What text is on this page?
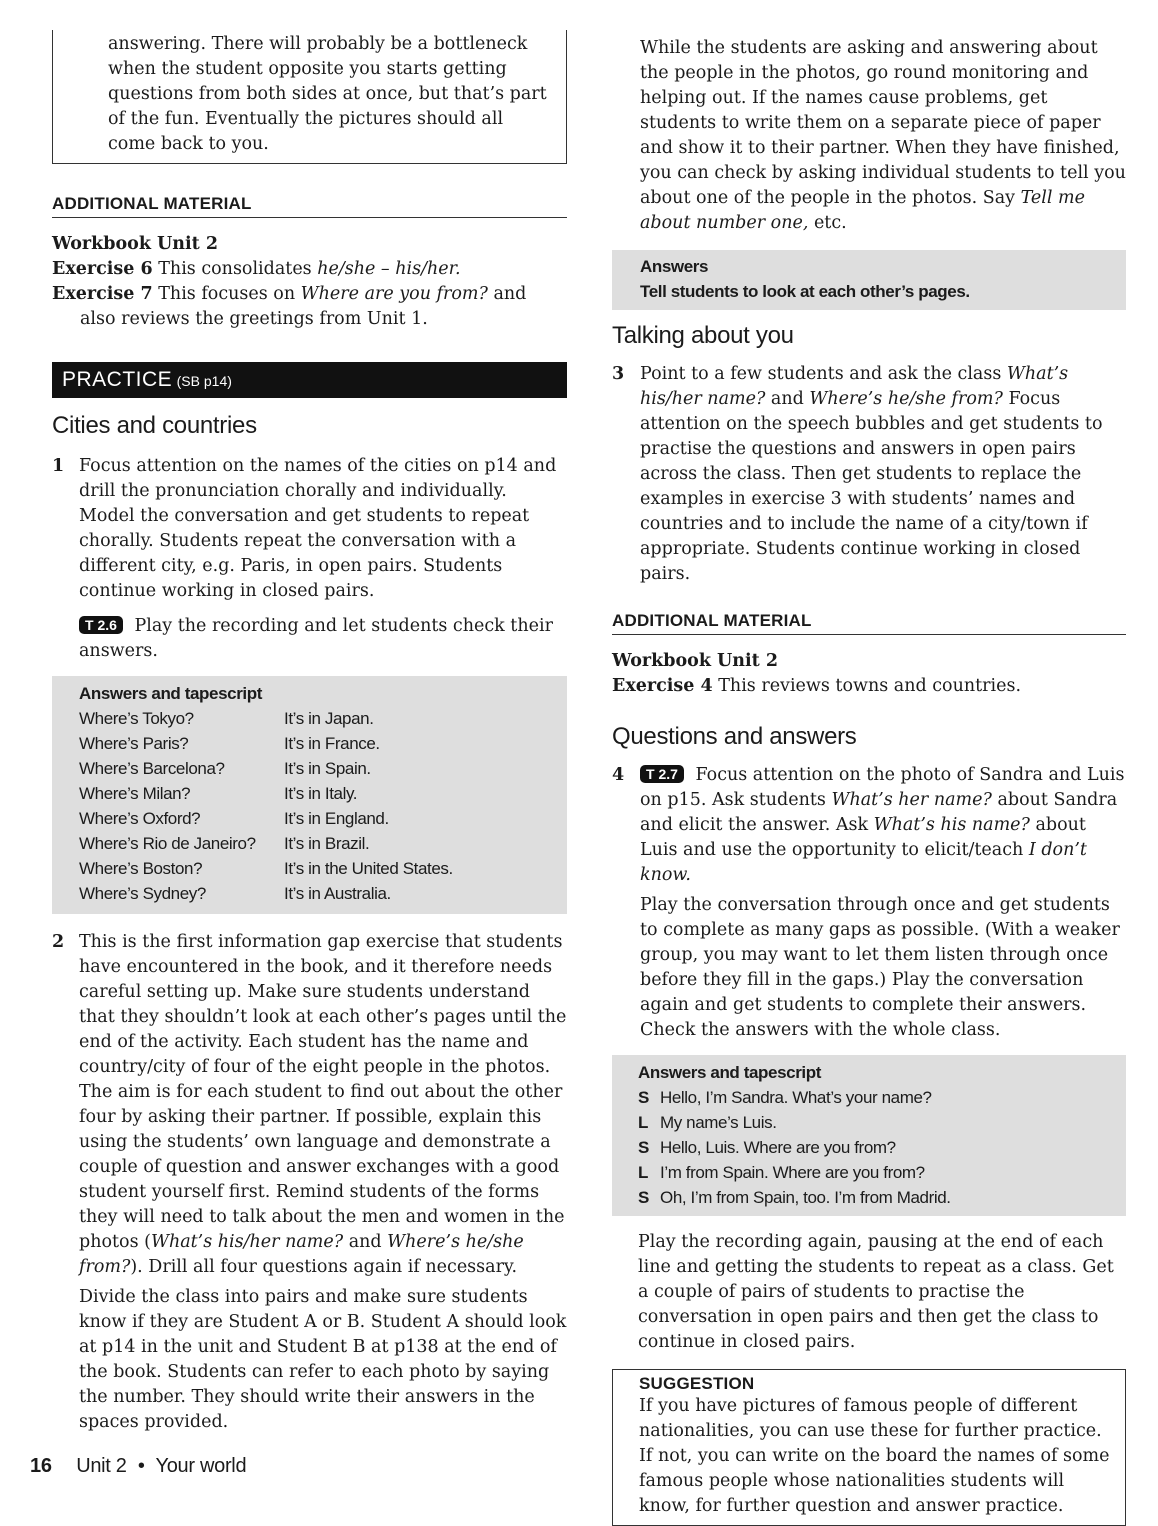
answering. There will probably be a bottleneck when the student opposite you starts getting questions from both sides at once, but that’s part of the fun. Eventually the pictures should all come back to you.

ADDITIONAL MATERIAL

Workbook Unit 2

Exercise 6 This consolidates he/she – his/her.

Exercise 7 This focuses on Where are you from? and also reviews the greetings from Unit 1.

PRACTICE (SB p14)
Cities and countries
1 Focus attention on the names of the cities on p14 and drill the pronunciation chorally and individually. Model the conversation and get students to repeat chorally. Students repeat the conversation with a different city, e.g. Paris, in open pairs. Students continue working in closed pairs.

T 2.6 Play the recording and let students check their answers.

Answers and tapescript
Where’s Tokyo?	It’s in Japan.
Where’s Paris?	It’s in France.
Where’s Barcelona?	It’s in Spain.
Where’s Milan?	It’s in Italy.
Where’s Oxford?	It’s in England.
Where’s Rio de Janeiro?	It’s in Brazil.
Where’s Boston?	It’s in the United States.
Where’s Sydney?	It’s in Australia.
2 This is the first information gap exercise that students have encountered in the book, and it therefore needs careful setting up. Make sure students understand that they shouldn’t look at each other’s pages until the end of the activity. Each student has the name and country/city of four of the eight people in the photos. The aim is for each student to find out about the other four by asking their partner. If possible, explain this using the students’ own language and demonstrate a couple of question and answer exchanges with a good student yourself first. Remind students of the forms they will need to talk about the men and women in the photos (What’s his/her name? and Where’s he/she from?). Drill all four questions again if necessary.

Divide the class into pairs and make sure students know if they are Student A or B. Student A should look at p14 in the unit and Student B at p138 at the end of the book. Students can refer to each photo by saying the number. They should write their answers in the spaces provided.

16 Unit 2 • Your world

While the students are asking and answering about the people in the photos, go round monitoring and helping out. If the names cause problems, get students to write them on a separate piece of paper and show it to their partner. When they have finished, you can check by asking individual students to tell you about one of the people in the photos. Say Tell me about number one, etc.

Answers
Tell students to look at each other’s pages.
Talking about you
3 Point to a few students and ask the class What’s his/her name? and Where’s he/she from? Focus attention on the speech bubbles and get students to practise the questions and answers in open pairs across the class. Then get students to replace the examples in exercise 3 with students’ names and countries and to include the name of a city/town if appropriate. Students continue working in closed pairs.

ADDITIONAL MATERIAL

Workbook Unit 2

Exercise 4 This reviews towns and countries.

Questions and answers
4	T 2.7 Focus attention on the photo of Sandra and Luis on p15. Ask students What’s her name? about Sandra and elicit the answer. Ask What’s his name? about Luis and use the opportunity to elicit/teach I don’t know.

Play the conversation through once and get students to complete as many gaps as possible. (With a weaker group, you may want to let them listen through once before they fill in the gaps.) Play the conversation again and get students to complete their answers. Check the answers with the whole class.

Answers and tapescript
S Hello, I’m Sandra. What’s your name?
L My name’s Luis.
S Hello, Luis. Where are you from?
L I’m from Spain. Where are you from?
S Oh, I’m from Spain, too. I’m from Madrid.

Play the recording again, pausing at the end of each line and getting the students to repeat as a class. Get a couple of pairs of students to practise the conversation in open pairs and then get the class to continue in closed pairs.

SUGGESTION

If you have pictures of famous people of different nationalities, you can use these for further practice. If not, you can write on the board the names of some famous people whose nationalities students will know, for further question and answer practice.
